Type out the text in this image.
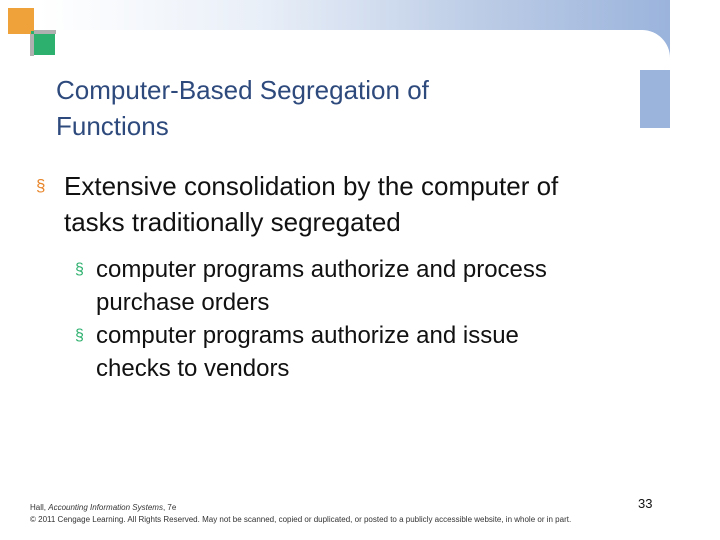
Computer-Based Segregation of
Functions
§ Extensive consolidation by the computer of
tasks traditionally segregated
§ computer programs authorize and process
purchase orders
§ computer programs authorize and issue
checks to vendors
Hall, Accounting Information Systems, 7e
© 2011 Cengage Learning. All Rights Reserved. May not be scanned, copied or duplicated, or posted to a publicly accessible website, in whole or in part.
33
